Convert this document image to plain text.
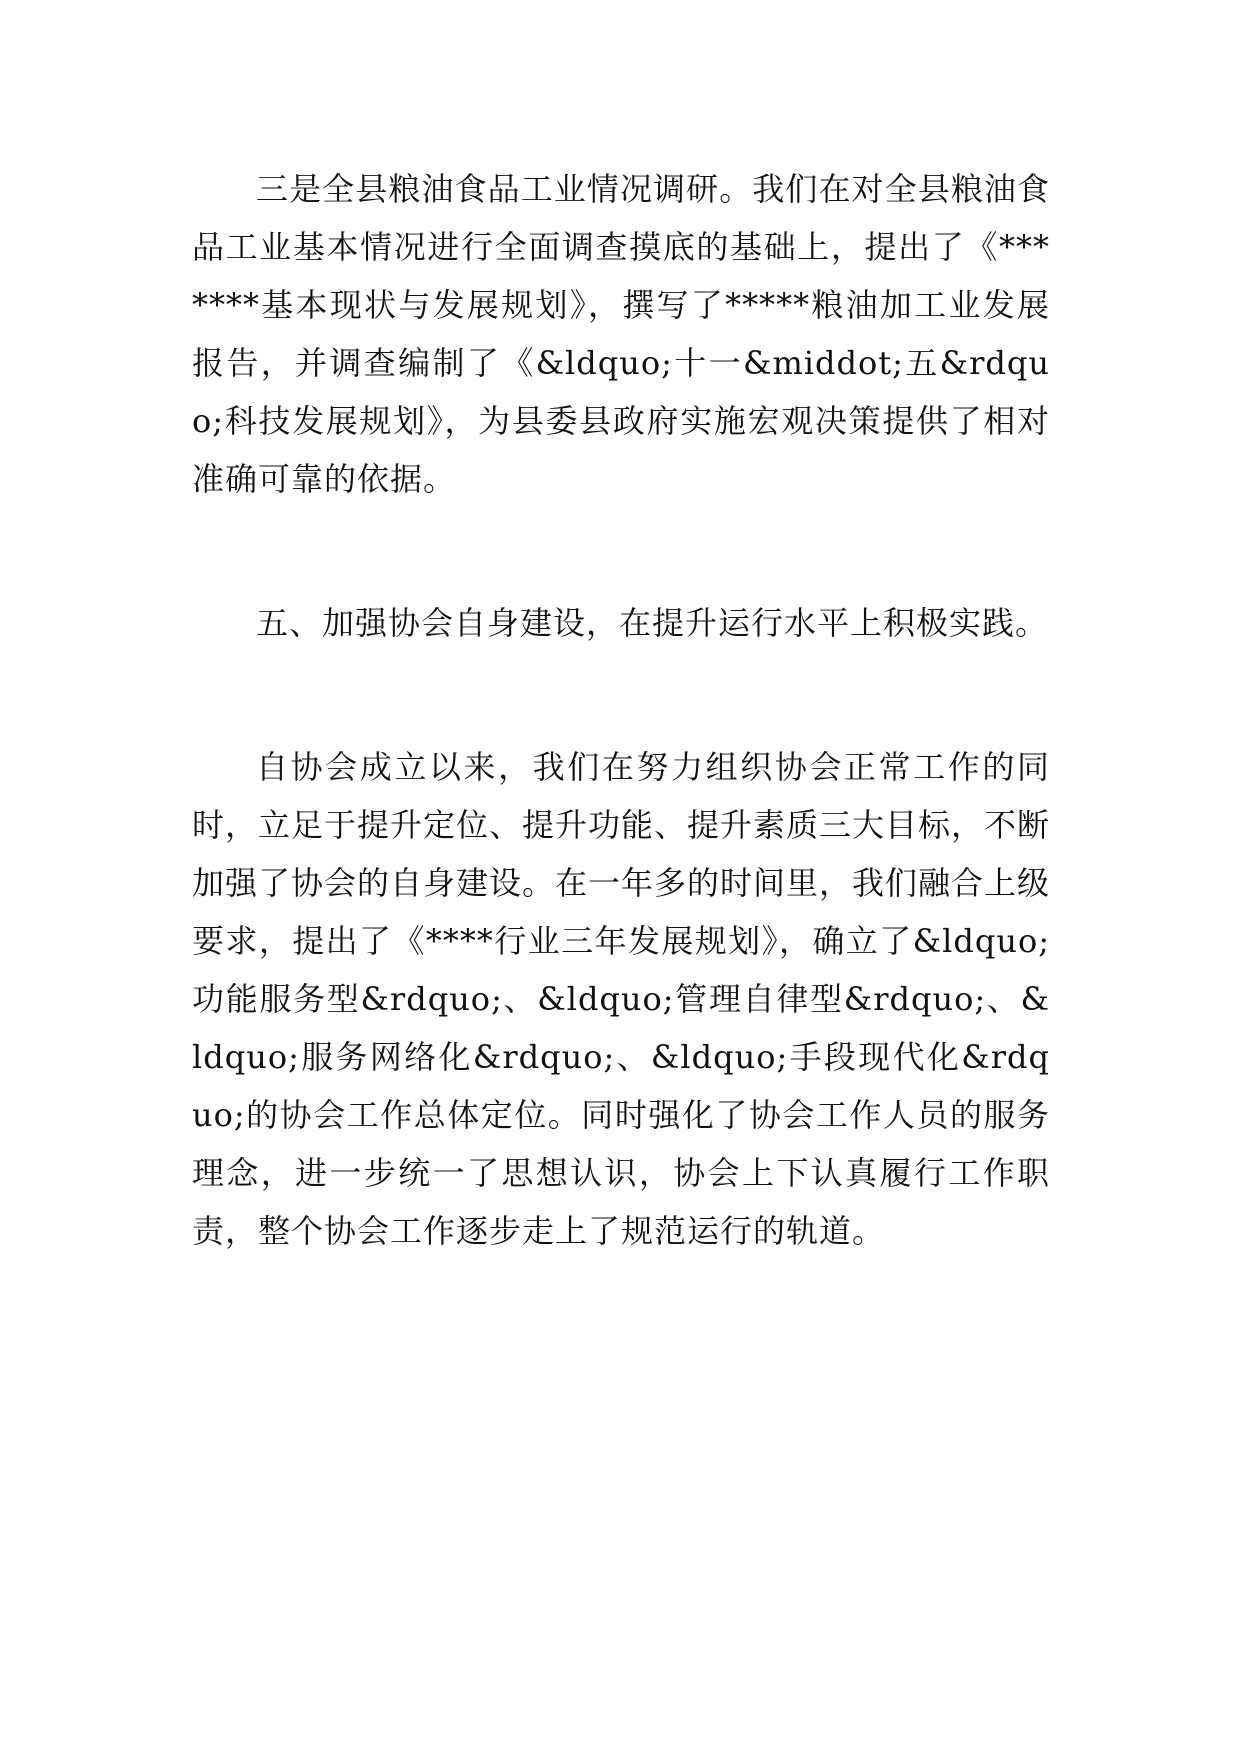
三是全县粮油食品工业情况调研。我们在对全县粮油食品工业基本情况进行全面调查摸底的基础上，提出了《*******基本现状与发展规划》，撰写了*****粮油加工业发展报告，并调查编制了《&ldquo;十一&middot;五&rdquo;科技发展规划》，为县委县政府实施宏观决策提供了相对准确可靠的依据。

五、加强协会自身建设，在提升运行水平上积极实践。

自协会成立以来，我们在努力组织协会正常工作的同时，立足于提升定位、提升功能、提升素质三大目标，不断加强了协会的自身建设。在一年多的时间里，我们融合上级要求，提出了《****行业三年发展规划》，确立了&ldquo;功能服务型&rdquo;、&ldquo;管理自律型&rdquo;、&ldquo;服务网络化&rdquo;、&ldquo;手段现代化&rdquo;的协会工作总体定位。同时强化了协会工作人员的服务理念，进一步统一了思想认识，协会上下认真履行工作职责，整个协会工作逐步走上了规范运行的轨道。
